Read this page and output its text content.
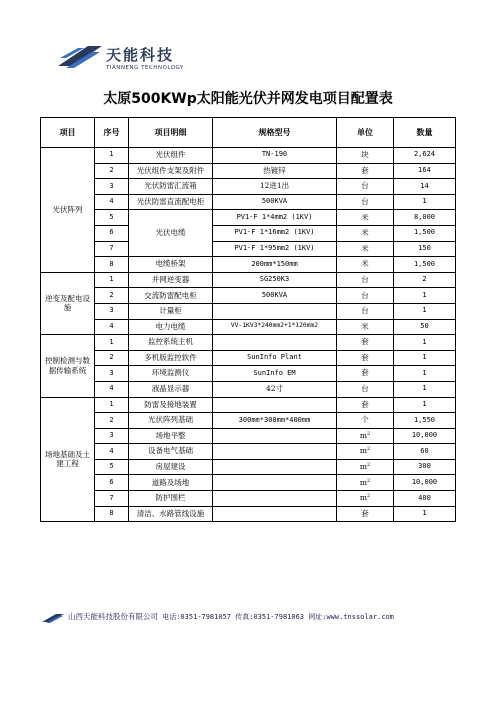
天能科技
TIANNENG TECHNOLOGY
太原500KWp太阳能光伏并网发电项目配置表
项目	序号	项目明细	规格型号	单位	数量
光伏阵列	1	光伏组件	TN-190	块	2,624
	2	光伏组件支架及附件	热镀锌	套	164
	3	光伏防雷汇流箱	12进1出	台	14
	4	光伏防雷直流配电柜	500KVA	台	1
	5	光伏电缆	PV1-F 1*4mm2 (1KV)	米	8,000
	6		PV1-F 1*16mm2 (1KV)	米	1,500
	7		PV1-F 1*95mm2 (1KV)	米	150
	8	电缆桥架	200mm*150mm	米	1,500
逆变及配电设施	1	并网逆变器	SG250K3	台	2
	2	交流防雷配电柜	500KVA	台	1
	3	计量柜		台	1
	4	电力电缆	VV-1KV3*240mm2+1*120mm2	米	50
控制检测与数据传输系统	1	监控系统主机		套	1
	2	多机版监控软件	SunInfo Plant	套	1
	3	环境监测仪	SunInfo EM	套	1
	4	液晶显示器	42寸	台	1
场地基础及土建工程	1	防雷及接地装置		套	1
	2	光伏阵列基础	300mm*300mm*400mm	个	1,550
	3	场地平整		$m^2$	10,000
	4	设备电气基础		$m^2$	60
	5	房屋建设		$m^2$	300
	6	道路及场地		$m^2$	10,000
	7	防护围栏		$m^2$	400
	8	清洁、水路管线设施		套	1
山西天能科技股份有限公司 电话:0351-7981057 传真:0351-7981063 网址:www.tnssolar.com
